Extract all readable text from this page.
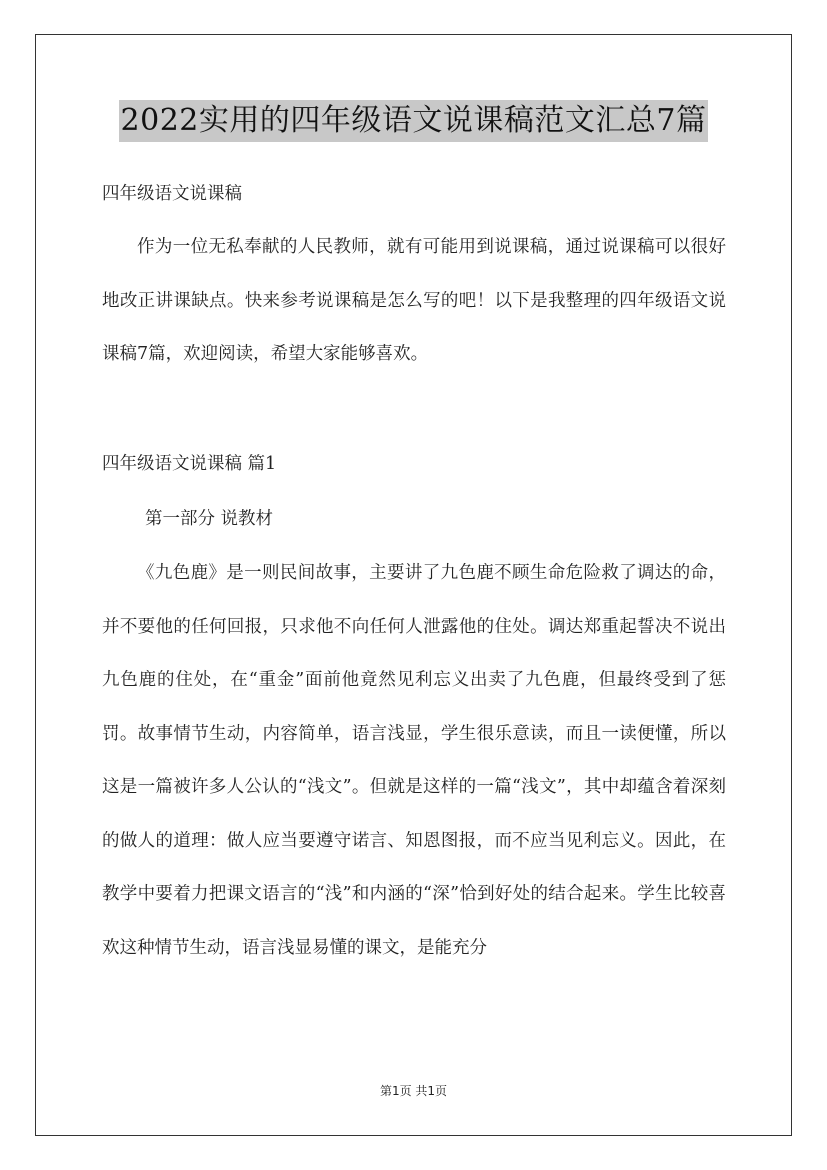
2022实用的四年级语文说课稿范文汇总7篇
四年级语文说课稿

作为一位无私奉献的人民教师，就有可能用到说课稿，通过说课稿可以很好地改正讲课缺点。快来参考说课稿是怎么写的吧！以下是我整理的四年级语文说课稿7篇，欢迎阅读，希望大家能够喜欢。

四年级语文说课稿 篇1
第一部分 说教材

《九色鹿》是一则民间故事，主要讲了九色鹿不顾生命危险救了调达的命，并不要他的任何回报，只求他不向任何人泄露他的住处。调达郑重起誓决不说出九色鹿的住处，在“重金”面前他竟然见利忘义出卖了九色鹿，但最终受到了惩罚。故事情节生动，内容简单，语言浅显，学生很乐意读，而且一读便懂，所以这是一篇被许多人公认的“浅文”。但就是这样的一篇“浅文”，其中却蕴含着深刻的做人的道理：做人应当要遵守诺言、知恩图报，而不应当见利忘义。因此，在教学中要着力把课文语言的“浅”和内涵的“深”恰到好处的结合起来。学生比较喜欢这种情节生动，语言浅显易懂的课文，是能充分

第1页 共1页
